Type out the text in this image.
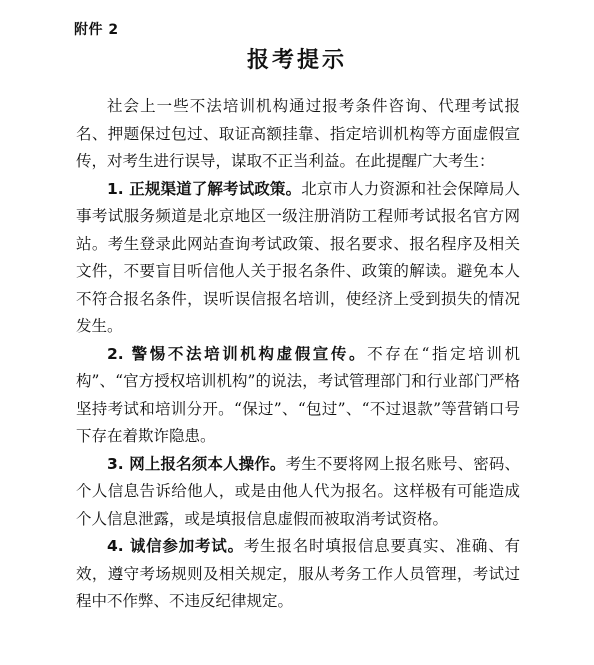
附件 2
报考提示

社会上一些不法培训机构通过报考条件咨询、代理考试报名、押题保过包过、取证高额挂靠、指定培训机构等方面虚假宣传，对考生进行误导，谋取不正当利益。在此提醒广大考生：

1. 正规渠道了解考试政策。北京市人力资源和社会保障局人事考试服务频道是北京地区一级注册消防工程师考试报名官方网站。考生登录此网站查询考试政策、报名要求、报名程序及相关文件，不要盲目听信他人关于报名条件、政策的解读。避免本人不符合报名条件，误听误信报名培训，使经济上受到损失的情况发生。

2. 警惕不法培训机构虚假宣传。不存在“指定培训机构”、“官方授权培训机构”的说法，考试管理部门和行业部门严格坚持考试和培训分开。“保过”、“包过”、“不过退款”等营销口号下存在着欺诈隐患。

3. 网上报名须本人操作。考生不要将网上报名账号、密码、个人信息告诉给他人，或是由他人代为报名。这样极有可能造成个人信息泄露，或是填报信息虚假而被取消考试资格。

4. 诚信参加考试。考生报名时填报信息要真实、准确、有效，遵守考场规则及相关规定，服从考务工作人员管理，考试过程中不作弊、不违反纪律规定。
